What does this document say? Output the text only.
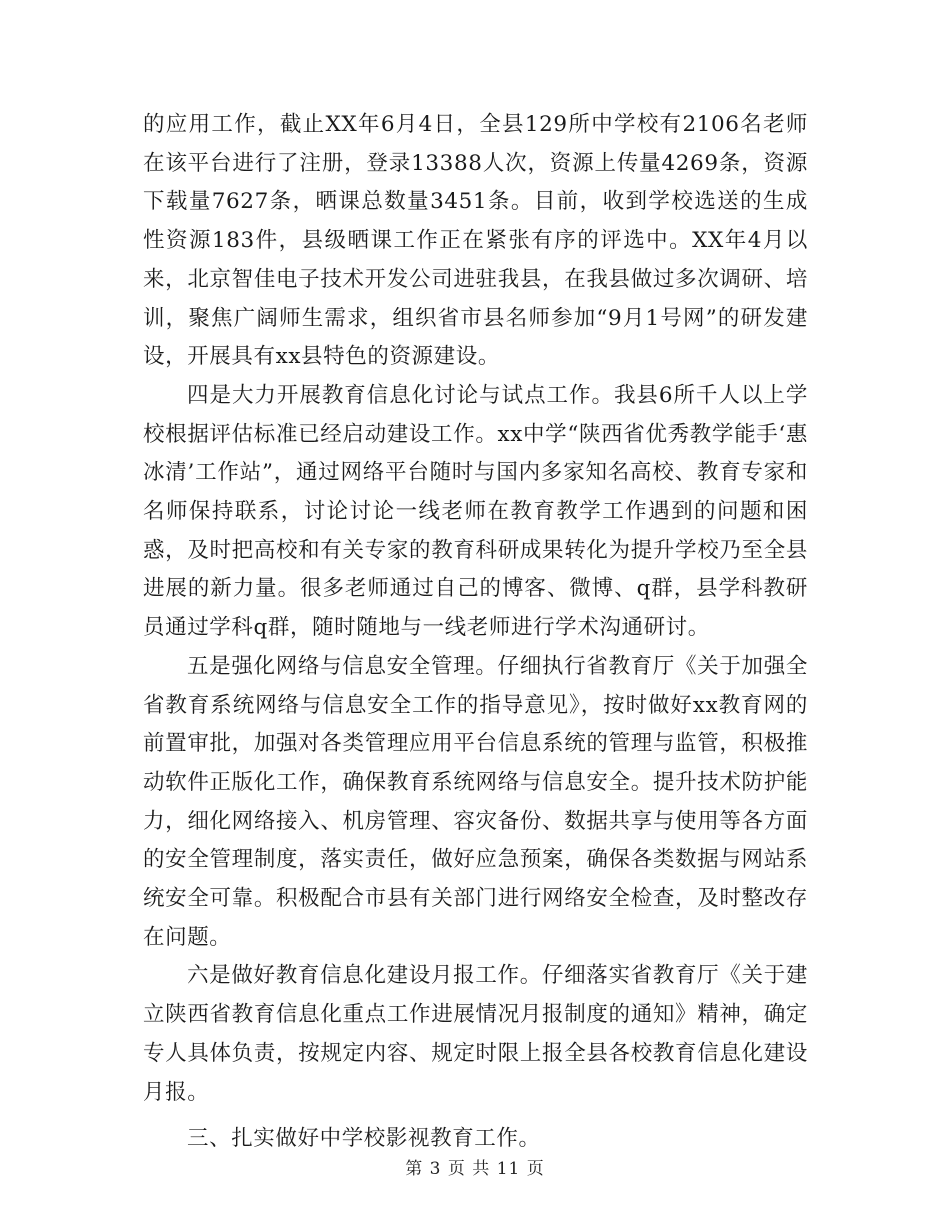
的应用工作，截止XX年6月4日，全县129所中学校有2106名老师在该平台进行了注册，登录13388人次，资源上传量4269条，资源下载量7627条，晒课总数量3451条。目前，收到学校选送的生成性资源183件，县级晒课工作正在紧张有序的评选中。XX年4月以来，北京智佳电子技术开发公司进驻我县，在我县做过多次调研、培训，聚焦广阔师生需求，组织省市县名师参加“9月1号网”的研发建设，开展具有xx县特色的资源建设。

四是大力开展教育信息化讨论与试点工作。我县6所千人以上学校根据评估标准已经启动建设工作。xx中学“陕西省优秀教学能手‘惠冰清’工作站”，通过网络平台随时与国内多家知名高校、教育专家和名师保持联系，讨论讨论一线老师在教育教学工作遇到的问题和困惑，及时把高校和有关专家的教育科研成果转化为提升学校乃至全县进展的新力量。很多老师通过自己的博客、微博、q群，县学科教研员通过学科q群，随时随地与一线老师进行学术沟通研讨。

五是强化网络与信息安全管理。仔细执行省教育厅《关于加强全省教育系统网络与信息安全工作的指导意见》，按时做好xx教育网的前置审批，加强对各类管理应用平台信息系统的管理与监管，积极推动软件正版化工作，确保教育系统网络与信息安全。提升技术防护能力，细化网络接入、机房管理、容灾备份、数据共享与使用等各方面的安全管理制度，落实责任，做好应急预案，确保各类数据与网站系统安全可靠。积极配合市县有关部门进行网络安全检查，及时整改存在问题。

六是做好教育信息化建设月报工作。仔细落实省教育厅《关于建立陕西省教育信息化重点工作进展情况月报制度的通知》精神，确定专人具体负责，按规定内容、规定时限上报全县各校教育信息化建设月报。

三、扎实做好中学校影视教育工作。

第 3 页 共 11 页
